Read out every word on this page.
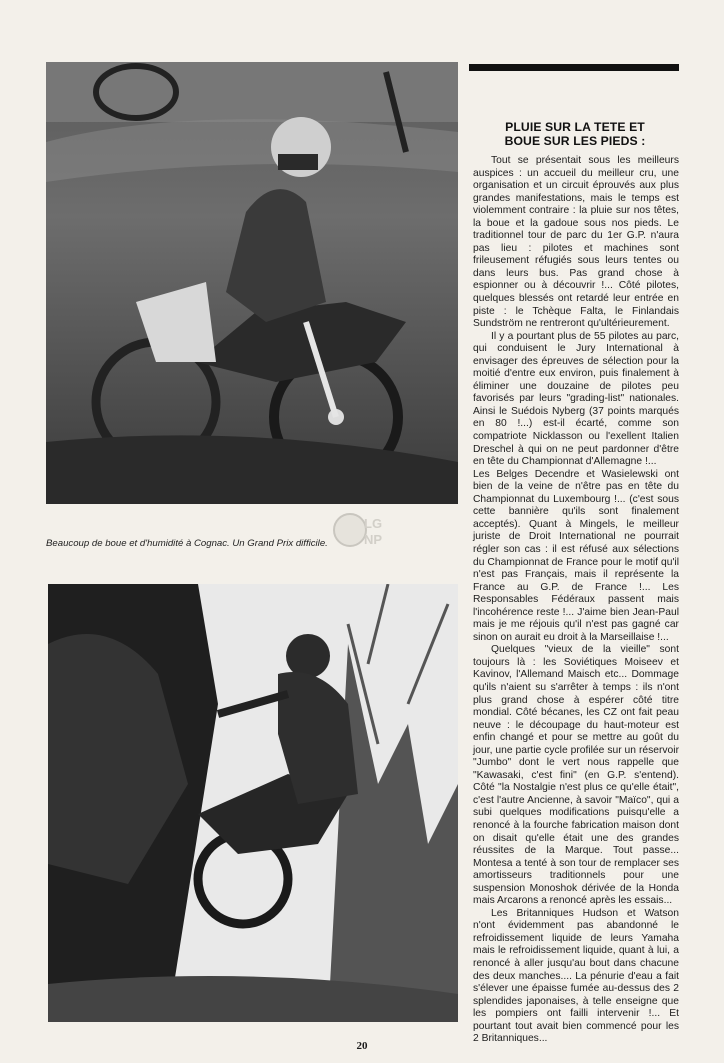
LG
NP
Beaucoup de boue et d'humidité à Cognac. Un Grand Prix difficile.
PLUIE SUR LA TETE ET
BOUE SUR LES PIEDS :

Tout se présentait sous les meilleurs auspices : un accueil du meilleur cru, une organisation et un circuit éprouvés aux plus grandes manifestations, mais le temps est violemment contraire : la pluie sur nos têtes, la boue et la gadoue sous nos pieds. Le traditionnel tour de parc du 1er G.P. n'aura pas lieu : pilotes et machines sont frileusement réfugiés sous leurs tentes ou dans leurs bus. Pas grand chose à espionner ou à découvrir !... Côté pilotes, quelques blessés ont retardé leur entrée en piste : le Tchèque Falta, le Finlandais Sundström ne rentreront qu'ultérieurement.

Il y a pourtant plus de 55 pilotes au parc, qui conduisent le Jury International à envisager des épreuves de sélection pour la moitié d'entre eux environ, puis finalement à éliminer une douzaine de pilotes peu favorisés par leurs "grading-list" nationales. Ainsi le Suédois Nyberg (37 points marqués en 80 !...) est-il écarté, comme son compatriote Nicklasson ou l'exellent Italien Dreschel à qui on ne peut pardonner d'être en tête du Championnat d'Allemagne !...

Les Belges Decendre et Wasielewski ont bien de la veine de n'être pas en tête du Championnat du Luxembourg !... (c'est sous cette bannière qu'ils sont finalement acceptés). Quant à Mingels, le meilleur juriste de Droit International ne pourrait régler son cas : il est réfusé aux sélections du Championnat de France pour le motif qu'il n'est pas Français, mais il représente la France au G.P. de France !... Les Responsables Fédéraux passent mais l'incohérence reste !... J'aime bien Jean-Paul mais je me réjouis qu'il n'est pas gagné car sinon on aurait eu droit à la Marseillaise !...

Quelques "vieux de la vieille" sont toujours là : les Soviétiques Moiseev et Kavinov, l'Allemand Maisch etc... Dommage qu'ils n'aient su s'arrêter à temps : ils n'ont plus grand chose à espérer côté titre mondial. Côté bécanes, les CZ ont fait peau neuve : le découpage du haut-moteur est enfin changé et pour se mettre au goût du jour, une partie cycle profilée sur un réservoir "Jumbo" dont le vert nous rappelle que "Kawasaki, c'est fini" (en G.P. s'entend). Côté "la Nostalgie n'est plus ce qu'elle était", c'est l'autre Ancienne, à savoir "Maïco", qui a subi quelques modifications puisqu'elle a renoncé à la fourche fabrication maison dont on disait qu'elle était une des grandes réussites de la Marque. Tout passe... Montesa a tenté à son tour de remplacer ses amortisseurs traditionnels pour une suspension Monoshok dérivée de la Honda mais Arcarons a renoncé après les essais...

Les Britanniques Hudson et Watson n'ont évidemment pas abandonné le refroidissement liquide de leurs Yamaha mais le refroidissement liquide, quant à lui, a renoncé à aller jusqu'au bout dans chacune des deux manches.... La pénurie d'eau a fait s'élever une épaisse fumée au-dessus des 2 splendides japonaises, à telle enseigne que les pompiers ont failli intervenir !... Et pourtant tout avait bien commencé pour les 2 Britanniques...

20
